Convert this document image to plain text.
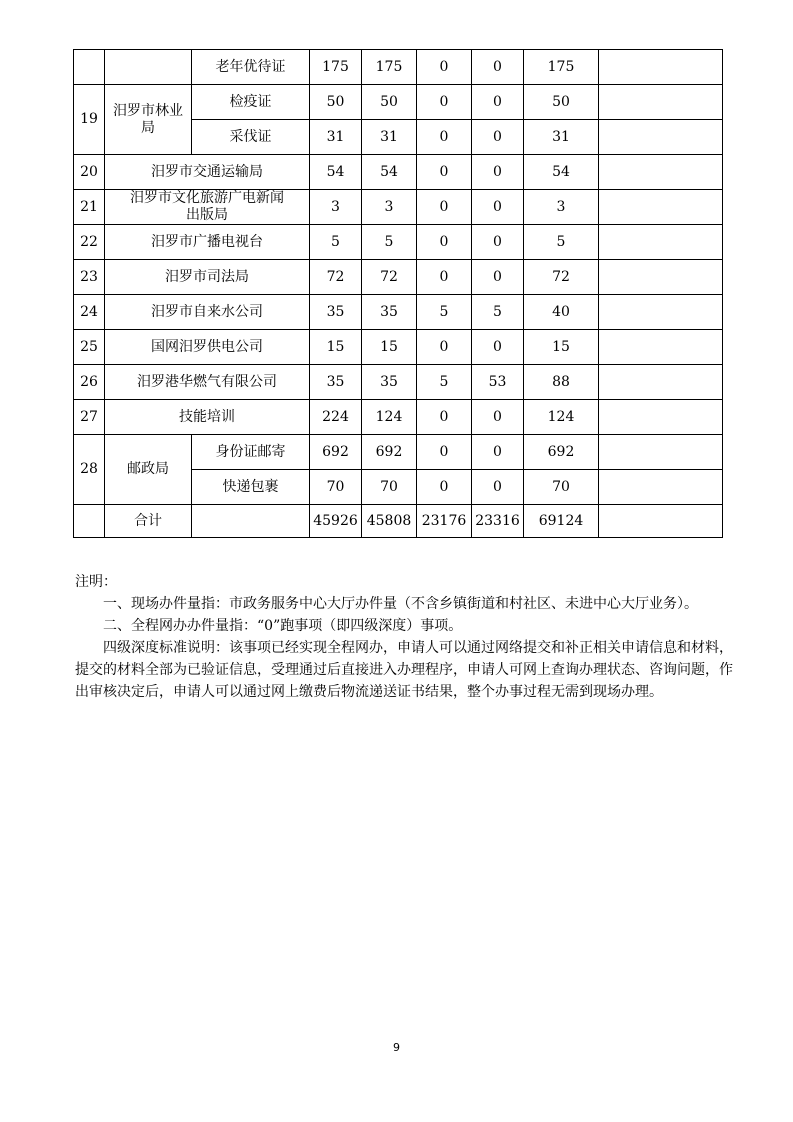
		老年优待证	175	175	0	0	175	
19	汨罗市林业局	检疫证	50	50	0	0	50	
		采伐证	31	31	0	0	31	
20	汨罗市交通运输局		54	54	0	0	54	
21	汨罗市文化旅游广电新闻出版局		3	3	0	0	3	
22	汨罗市广播电视台		5	5	0	0	5	
23	汨罗市司法局		72	72	0	0	72	
24	汨罗市自来水公司		35	35	5	5	40	
25	国网汨罗供电公司		15	15	0	0	15	
26	汨罗港华燃气有限公司		35	35	5	53	88	
27	技能培训		224	124	0	0	124	
28	邮政局	身份证邮寄	692	692	0	0	692	
		快递包裹	70	70	0	0	70	
	合计		45926	45808	23176	23316	69124	

注明：

一、现场办件量指：市政务服务中心大厅办件量（不含乡镇街道和村社区、未进中心大厅业务）。

二、全程网办办件量指：“0”跑事项（即四级深度）事项。

四级深度标准说明：该事项已经实现全程网办，申请人可以通过网络提交和补正相关申请信息和材料，提交的材料全部为已验证信息，受理通过后直接进入办理程序，申请人可网上查询办理状态、咨询问题，作出审核决定后，申请人可以通过网上缴费后物流递送证书结果，整个办事过程无需到现场办理。

9
